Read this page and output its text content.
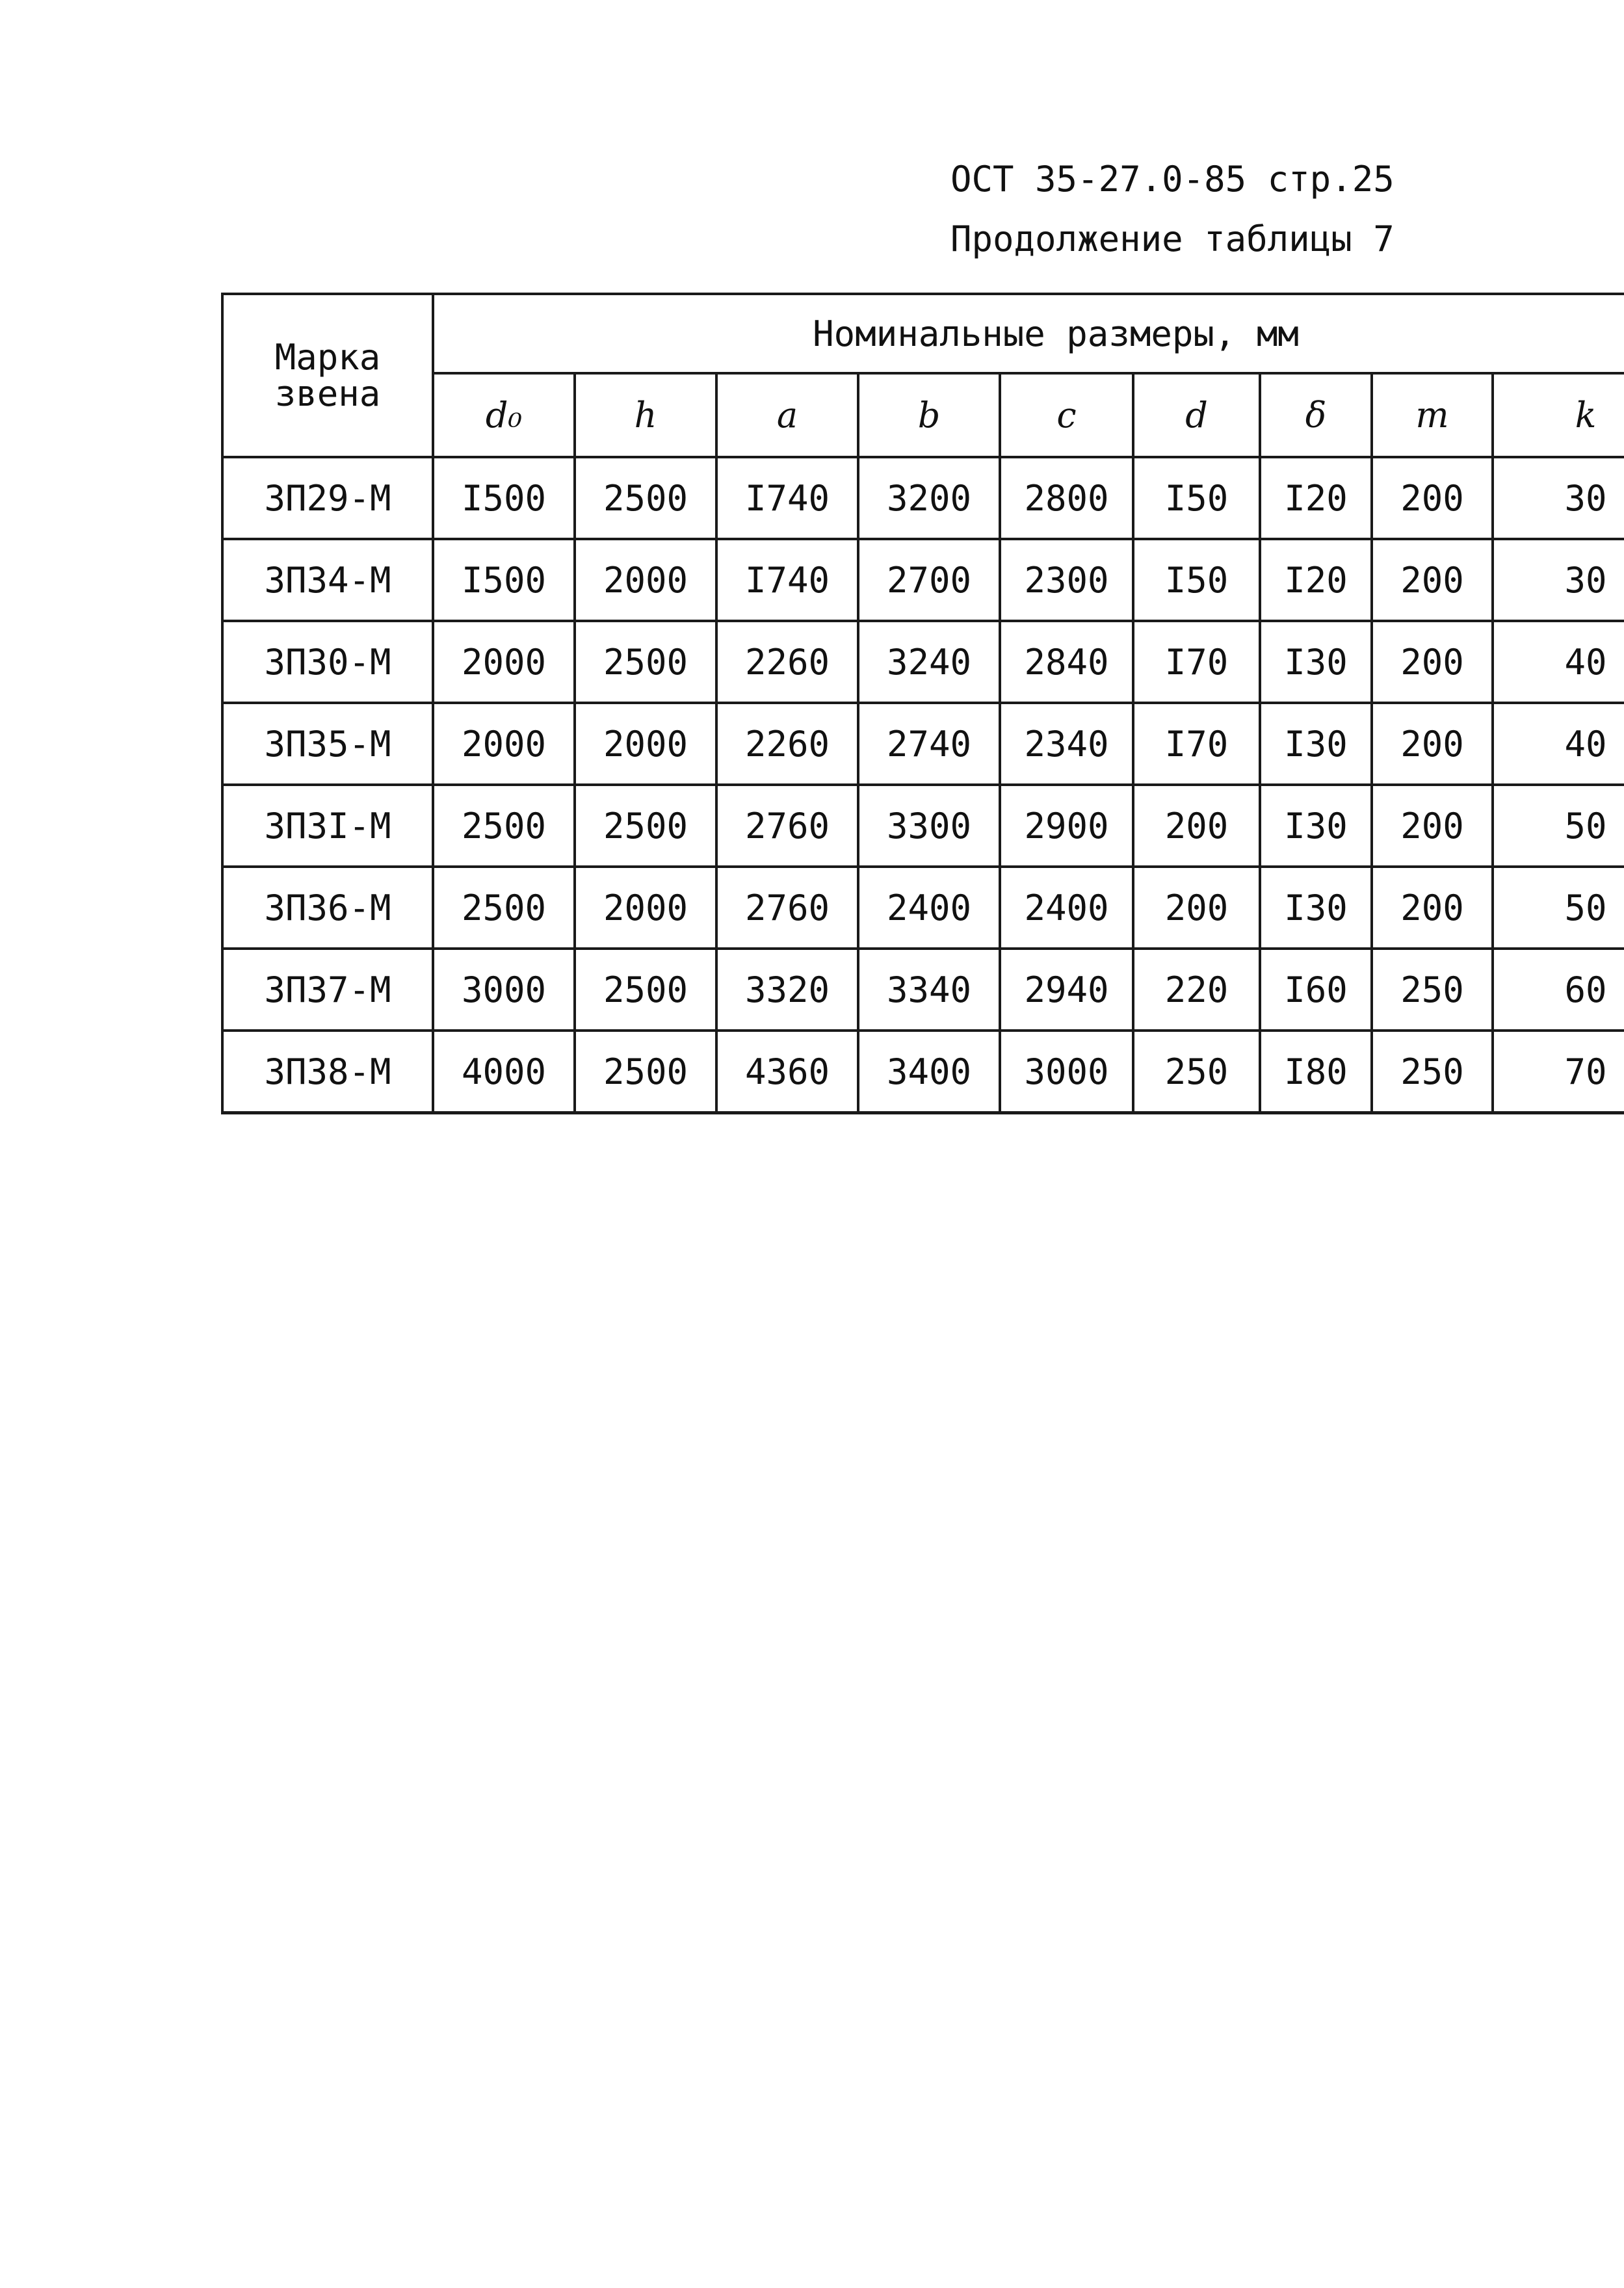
ОСТ 35-27.0-85 стр.25
Продолжение таблицы 7
Марка звена	Номинальные размеры, мм								
	d₀	h	a	b	c	d	δ	m	k
ЗП29-М	I500	2500	I740	3200	2800	I50	I20	200	30
ЗП34-М	I500	2000	I740	2700	2300	I50	I20	200	30
ЗП30-М	2000	2500	2260	3240	2840	I70	I30	200	40
ЗП35-М	2000	2000	2260	2740	2340	I70	I30	200	40
ЗП3I-М	2500	2500	2760	3300	2900	200	I30	200	50
ЗП36-М	2500	2000	2760	2400	2400	200	I30	200	50
ЗП37-М	3000	2500	3320	3340	2940	220	I60	250	60
ЗП38-М	4000	2500	4360	3400	3000	250	I80	250	70
